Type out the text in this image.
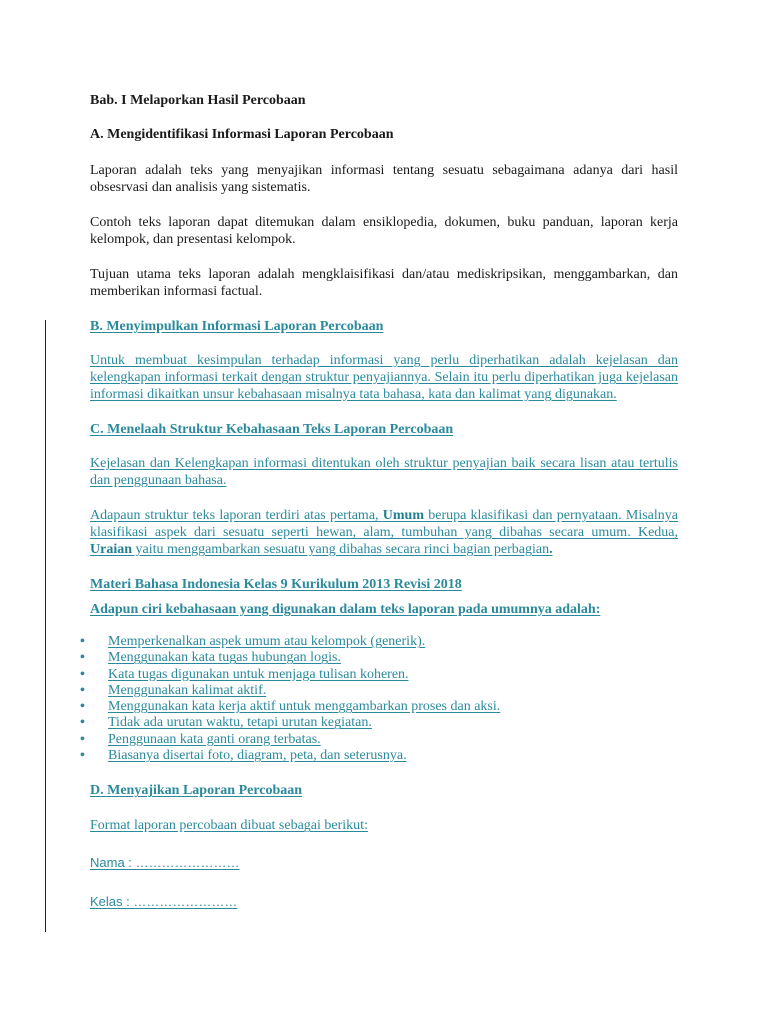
Bab. I Melaporkan Hasil Percobaan

A. Mengidentifikasi Informasi Laporan Percobaan

Laporan adalah teks yang menyajikan informasi tentang sesuatu sebagaimana adanya dari hasil obsesrvasi dan analisis yang sistematis.

Contoh teks laporan dapat ditemukan dalam ensiklopedia, dokumen, buku panduan, laporan kerja kelompok, dan presentasi kelompok.

Tujuan utama teks laporan adalah mengklaisifikasi dan/atau mediskripsikan, menggambarkan, dan memberikan informasi factual.

B. Menyimpulkan Informasi Laporan Percobaan

Untuk membuat kesimpulan terhadap informasi yang perlu diperhatikan adalah kejelasan dan kelengkapan informasi terkait dengan struktur penyajiannya. Selain itu perlu diperhatikan juga kejelasan informasi dikaitkan unsur kebahasaan misalnya tata bahasa, kata dan kalimat yang digunakan.

C. Menelaah Struktur Kebahasaan Teks Laporan Percobaan

Kejelasan dan Kelengkapan informasi ditentukan oleh struktur penyajian baik secara lisan atau tertulis dan penggunaan bahasa.

Adapaun struktur teks laporan terdiri atas pertama, Umum berupa klasifikasi dan pernyataan. Misalnya klasifikasi aspek dari sesuatu seperti hewan, alam, tumbuhan yang dibahas secara umum. Kedua, Uraian yaitu menggambarkan sesuatu yang dibahas secara rinci bagian perbagian.

Materi Bahasa Indonesia Kelas 9 Kurikulum 2013 Revisi 2018

Adapun ciri kebahasaan yang digunakan dalam teks laporan pada umumnya adalah:

• Memperkenalkan aspek umum atau kelompok (generik).
• Menggunakan kata tugas hubungan logis.
• Kata tugas digunakan untuk menjaga tulisan koheren.
• Menggunakan kalimat aktif.
• Menggunakan kata kerja aktif untuk menggambarkan proses dan aksi.
• Tidak ada urutan waktu, tetapi urutan kegiatan.
• Penggunaan kata ganti orang terbatas.
• Biasanya disertai foto, diagram, peta, dan seterusnya.

D. Menyajikan Laporan Percobaan

Format laporan percobaan dibuat sebagai berikut:

Nama : ……………………

Kelas : ……………………
